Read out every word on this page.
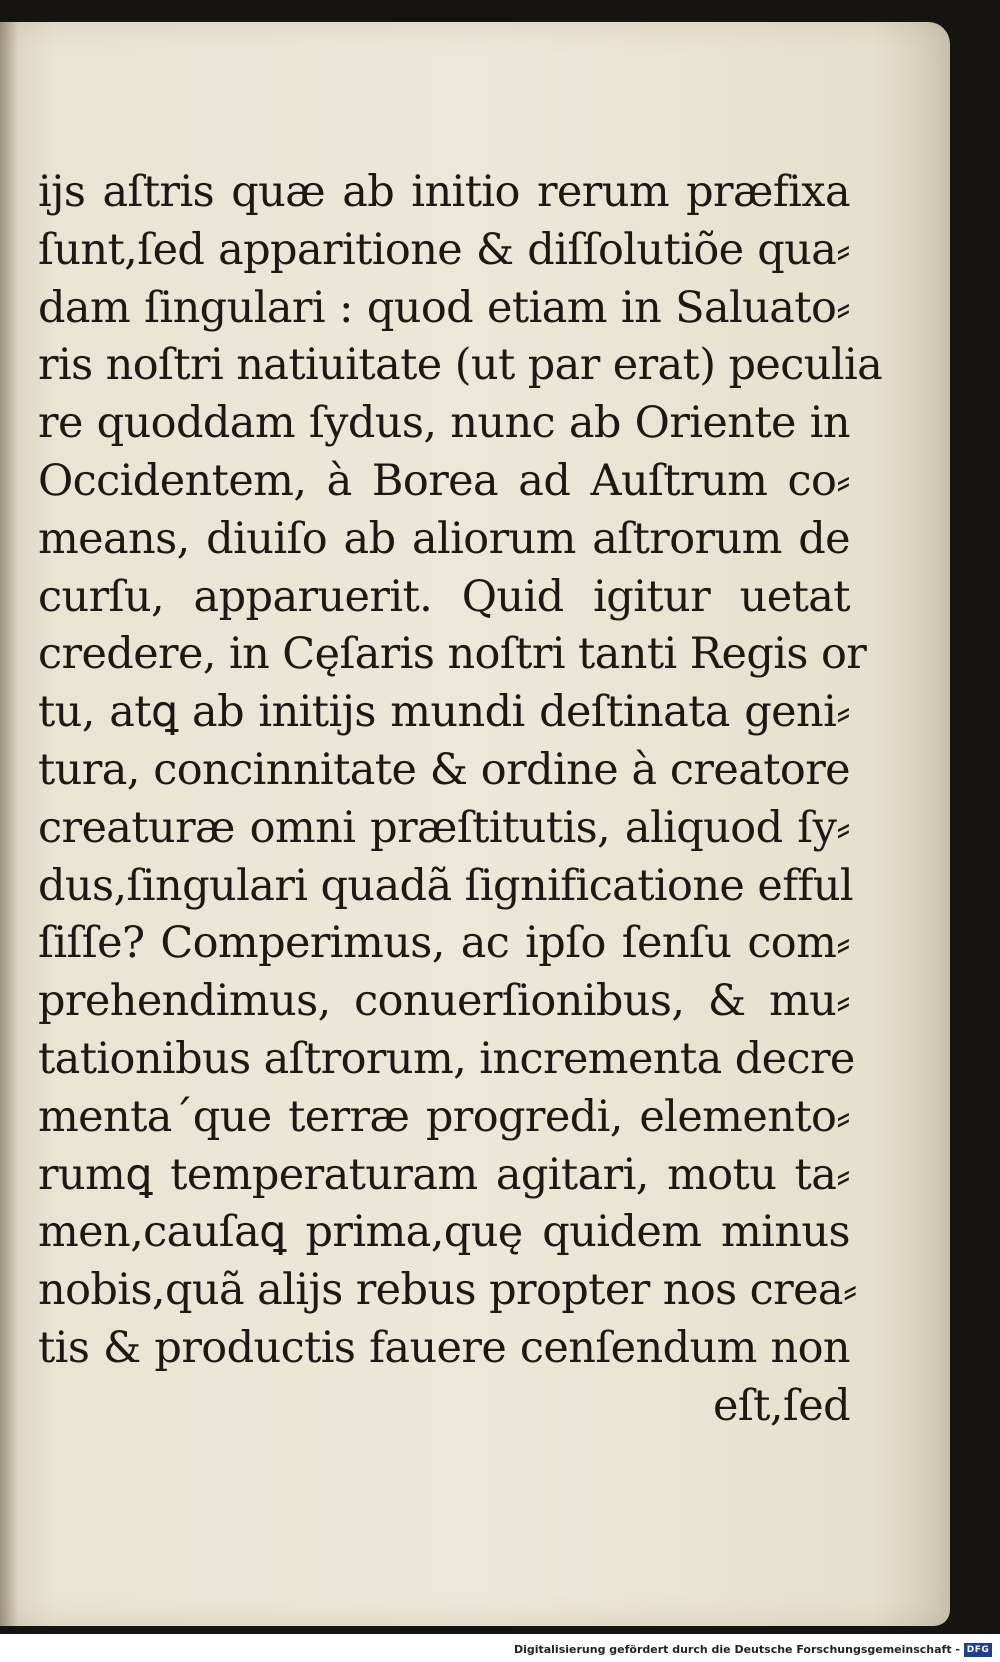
ijs aſtris quæ ab initio rerum præfixa
ſunt,ſed apparitione & diſſolutiõe qua⸗
dam ſingulari : quod etiam in Saluato⸗
ris noſtri natiuitate (ut par erat) peculia
re quoddam ſydus, nunc ab Oriente in
Occidentem, à Borea ad Auſtrum co⸗
means, diuiſo ab aliorum aſtrorum de
curſu, apparuerit. Quid igitur uetat
credere, in Cęſaris noſtri tanti Regis or
tu, atꝗ ab initijs mundi deſtinata geni⸗
tura, concinnitate & ordine à creatore
creaturæ omni præſtitutis, aliquod ſy⸗
dus,ſingulari quadã ſignificatione efful
ſiſſe? Comperimus, ac ipſo ſenſu com⸗
prehendimus, conuerſionibus, & mu⸗
tationibus aſtrorum, incrementa decre
menta´que terræ progredi, elemento⸗
rumꝗ temperaturam agitari, motu ta⸗
men,cauſaꝗ prima,quę quidem minus
nobis,quã alijs rebus propter nos crea⸗
tis & productis fauere cenſendum non
eſt,ſed
Digitalisierung gefördert durch die Deutsche Forschungsgemeinschaft - DFG
